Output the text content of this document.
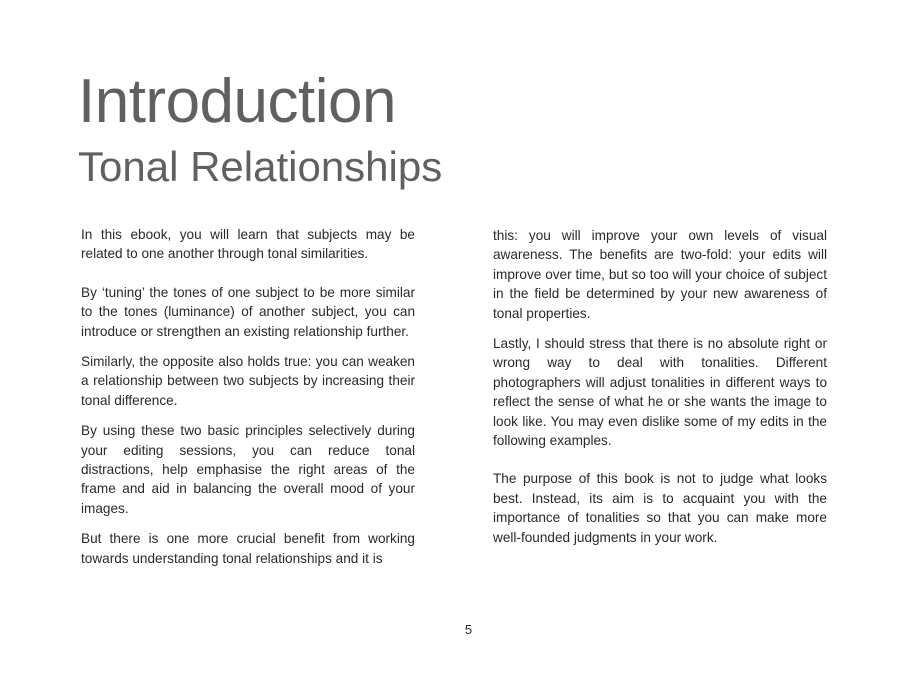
Introduction
Tonal Relationships

In this ebook, you will learn that subjects may be related to one another through tonal similarities.

By ‘tuning’ the tones of one subject to be more similar to the tones (luminance) of another subject, you can introduce or strengthen an existing relationship further.

Similarly, the opposite also holds true: you can weaken a relationship between two subjects by increasing their tonal difference.

By using these two basic principles selectively during your editing sessions, you can reduce tonal distractions, help emphasise the right areas of the frame and aid in balancing the overall mood of your images.

But there is one more crucial benefit from working towards understanding tonal relationships and it is

this: you will improve your own levels of visual awareness. The benefits are two-fold: your edits will improve over time, but so too will your choice of subject in the field be determined by your new awareness of tonal properties.

Lastly, I should stress that there is no absolute right or wrong way to deal with tonalities. Different photographers will adjust tonalities in different ways to reflect the sense of what he or she wants the image to look like. You may even dislike some of my edits in the following examples.

The purpose of this book is not to judge what looks best. Instead, its aim is to acquaint you with the importance of tonalities so that you can make more well-founded judgments in your work.

5
